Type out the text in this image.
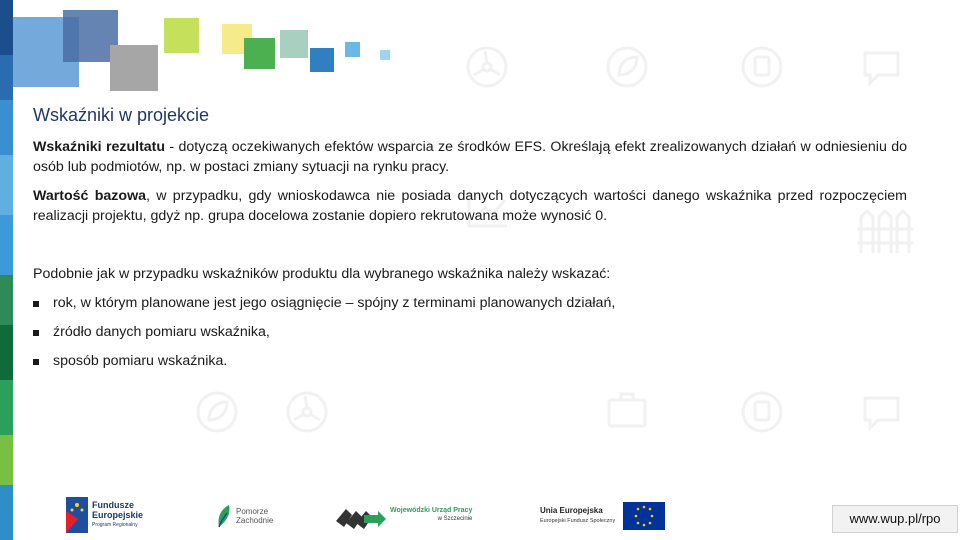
Wskaźniki w projekcie

Wskaźniki rezultatu - dotyczą oczekiwanych efektów wsparcia ze środków EFS. Określają efekt zrealizowanych działań w odniesieniu do osób lub podmiotów, np. w postaci zmiany sytuacji na rynku pracy.

Wartość bazowa, w przypadku, gdy wnioskodawca nie posiada danych dotyczących wartości danego wskaźnika przed rozpoczęciem realizacji projektu, gdyż np. grupa docelowa zostanie dopiero rekrutowana może wynosić 0.

Podobnie jak w przypadku wskaźników produktu dla wybranego wskaźnika należy wskazać:

rok, w którym planowane jest jego osiągnięcie – spójny z terminami planowanych działań,
źródło danych pomiaru wskaźnika,
sposób pomiaru wskaźnika.
Fundusze
Europejskie
Program Regionalny
Pomorze
Zachodnie
Wojewódzki Urząd Pracy
w Szczecinie
Unia Europejska
Europejski Fundusz Społeczny	www.wup.pl/rpo
